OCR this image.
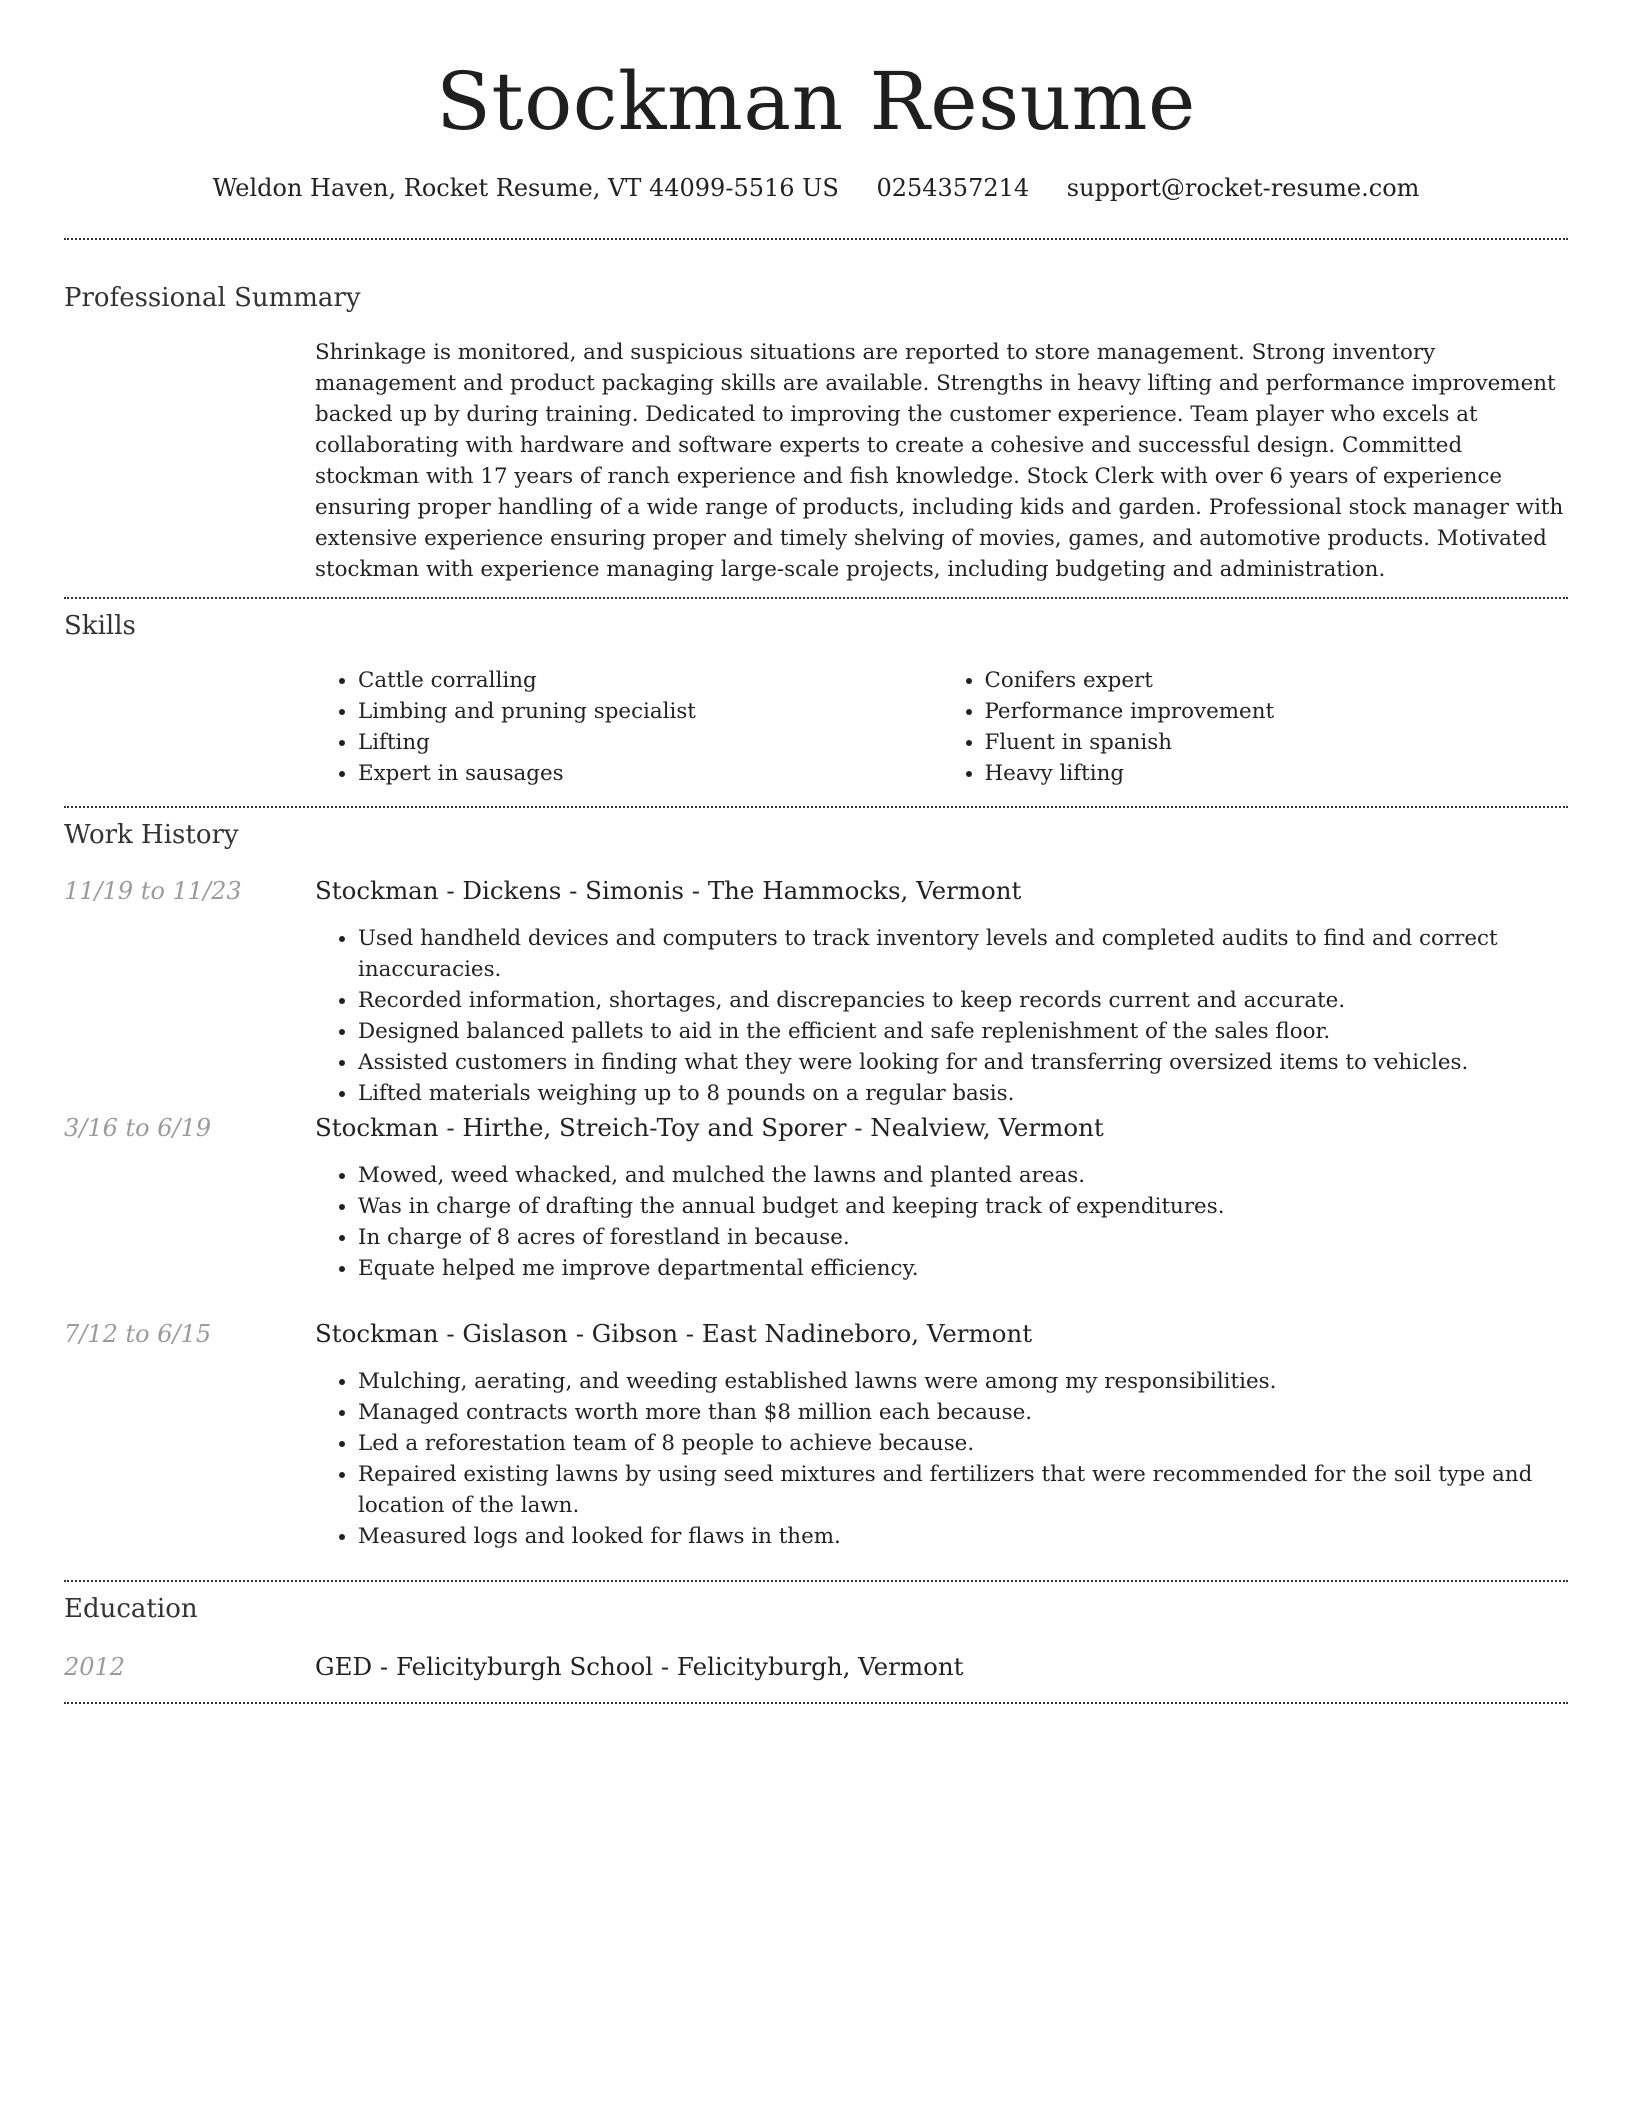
Stockman Resume
Weldon Haven, Rocket Resume, VT 44099-5516 US 0254357214 support@rocket-resume.com
Professional Summary
Shrinkage is monitored, and suspicious situations are reported to store management. Strong inventory management and product packaging skills are available. Strengths in heavy lifting and performance improvement backed up by during training. Dedicated to improving the customer experience. Team player who excels at collaborating with hardware and software experts to create a cohesive and successful design. Committed stockman with 17 years of ranch experience and fish knowledge. Stock Clerk with over 6 years of experience ensuring proper handling of a wide range of products, including kids and garden. Professional stock manager with extensive experience ensuring proper and timely shelving of movies, games, and automotive products. Motivated stockman with experience managing large-scale projects, including budgeting and administration.
Skills
• Cattle corralling
• Limbing and pruning specialist
• Lifting
• Expert in sausages
• Conifers expert
• Performance improvement
• Fluent in spanish
• Heavy lifting
Work History
11/19 to 11/23	Stockman - Dickens - Simonis - The Hammocks, Vermont
• Used handheld devices and computers to track inventory levels and completed audits to find and correct inaccuracies.
• Recorded information, shortages, and discrepancies to keep records current and accurate.
• Designed balanced pallets to aid in the efficient and safe replenishment of the sales floor.
• Assisted customers in finding what they were looking for and transferring oversized items to vehicles.
• Lifted materials weighing up to 8 pounds on a regular basis.
3/16 to 6/19	Stockman - Hirthe, Streich-Toy and Sporer - Nealview, Vermont
• Mowed, weed whacked, and mulched the lawns and planted areas.
• Was in charge of drafting the annual budget and keeping track of expenditures.
• In charge of 8 acres of forestland in because.
• Equate helped me improve departmental efficiency.
7/12 to 6/15	Stockman - Gislason - Gibson - East Nadineboro, Vermont
• Mulching, aerating, and weeding established lawns were among my responsibilities.
• Managed contracts worth more than $8 million each because.
• Led a reforestation team of 8 people to achieve because.
• Repaired existing lawns by using seed mixtures and fertilizers that were recommended for the soil type and location of the lawn.
• Measured logs and looked for flaws in them.
Education
2012	GED - Felicityburgh School - Felicityburgh, Vermont
